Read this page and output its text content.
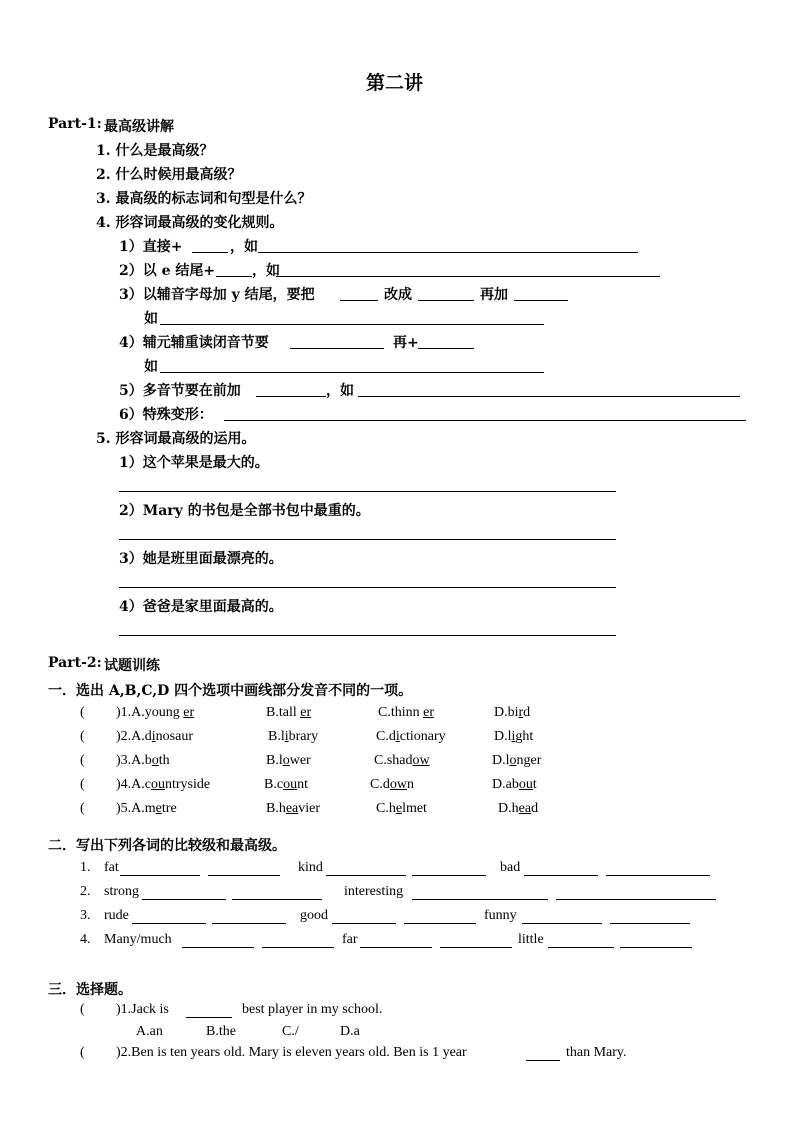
第二讲
Part-1: 最高级讲解
1. 什么是最高级？
2. 什么时候用最高级？
3. 最高级的标志词和句型是什么？
4. 形容词最高级的变化规则。
1）直接+	，如
2）以 e 结尾+	，如
3）以辅音字母加 y 结尾，要把	改成	再加
如
4）辅元辅重读闭音节要	再+
如
5）多音节要在前加	，如
6）特殊变形：
5. 形容词最高级的运用。
1）这个苹果是最大的。
2）Mary 的书包是全部书包中最重的。
3）她是班里面最漂亮的。
4）爸爸是家里面最高的。
Part-2: 试题训练
一．选出 A,B,C,D 四个选项中画线部分发音不同的一项。
( )1.A.young er	B.tall er	C.thinn er	D.bird
( )2.A.dinosaur	B.library	C.dictionary	D.light
( )3.A.both	B.lower	C.shadow	D.longer
( )4.A.countryside	B.count	C.down	D.about
( )5.A.metre	B.heavier	C.helmet	D.head
二．写出下列各词的比较级和最高级。
1. fat	kind	bad
2. strong	interesting
3. rude	good	funny
4. Many/much	far	little
三．选择题。
( )1.Jack is	best player in my school.
A.an	B.the	C./	D.a
( )2.Ben is ten years old. Mary is eleven years old. Ben is 1 year	than Mary.
